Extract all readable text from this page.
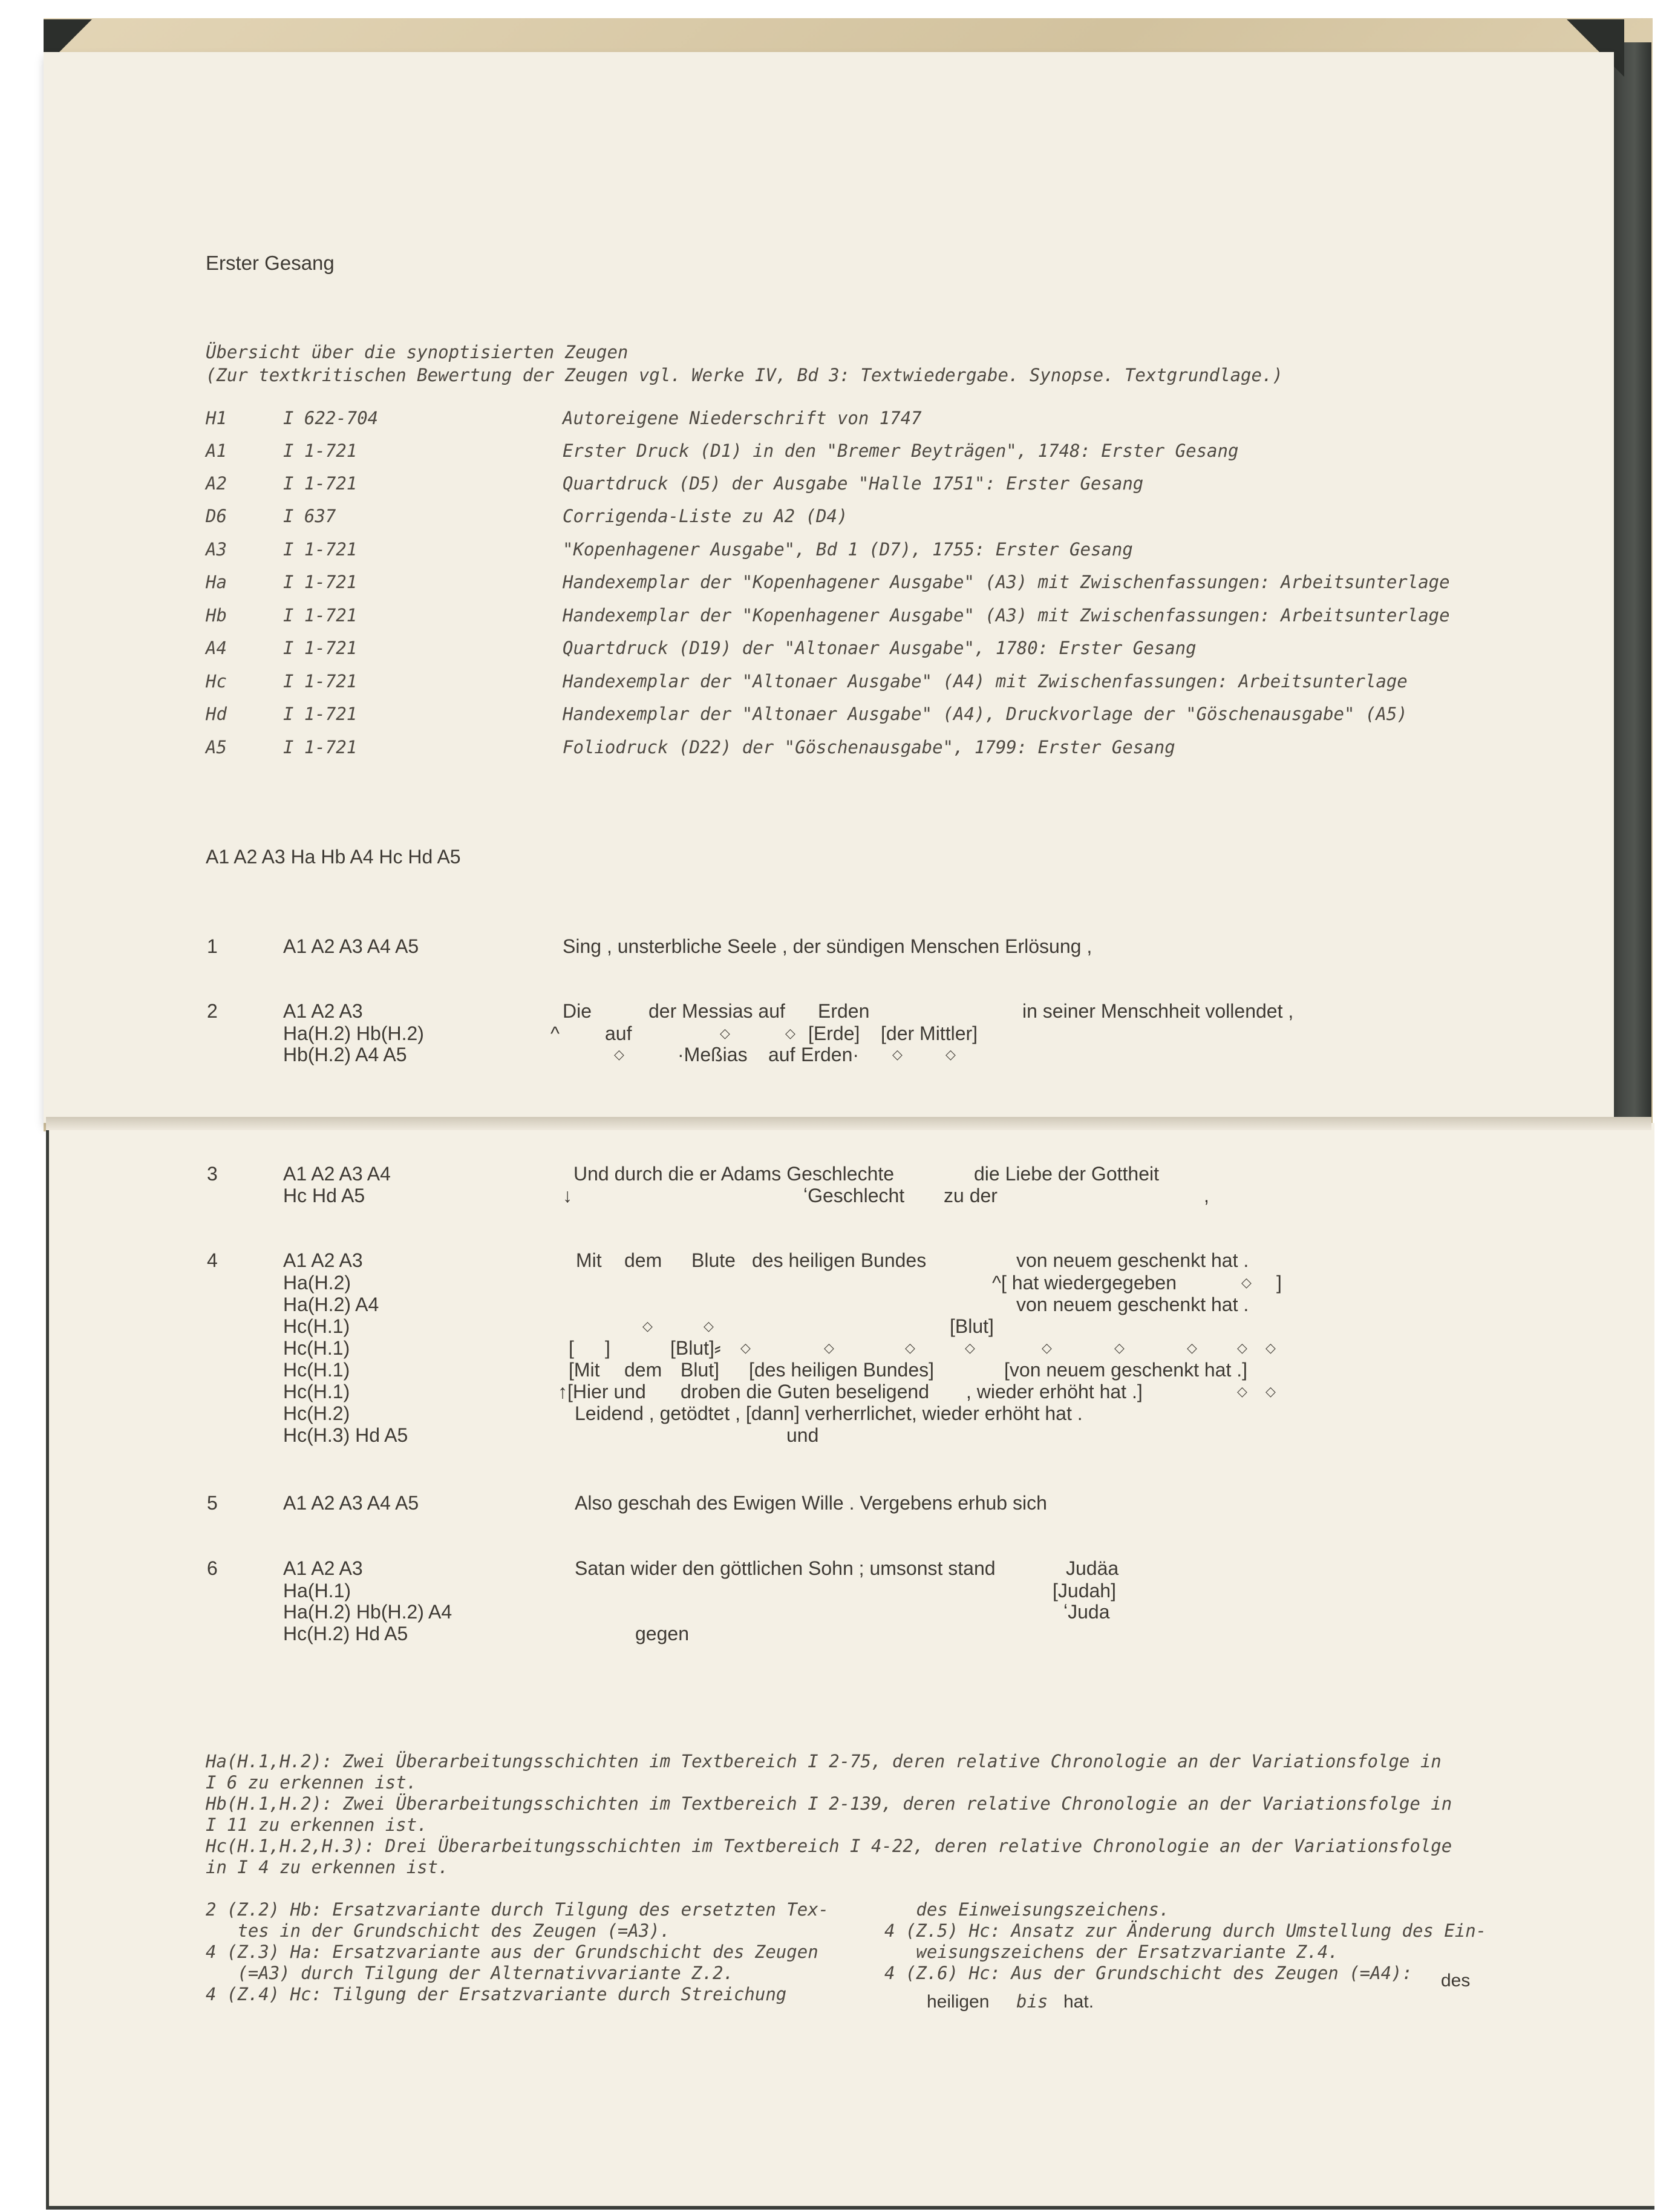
Erster Gesang
Übersicht über die synoptisierten Zeugen
(Zur textkritischen Bewertung der Zeugen vgl. Werke IV, Bd 3: Textwiedergabe. Synopse. Textgrundlage.)
H1	I 622-704	Autoreigene Niederschrift von 1747
A1	I 1-721	Erster Druck (D1) in den "Bremer Beyträgen", 1748: Erster Gesang
A2	I 1-721	Quartdruck (D5) der Ausgabe "Halle 1751": Erster Gesang
D6	I 637	Corrigenda-Liste zu A2 (D4)
A3	I 1-721	"Kopenhagener Ausgabe", Bd 1 (D7), 1755: Erster Gesang
Ha	I 1-721	Handexemplar der "Kopenhagener Ausgabe" (A3) mit Zwischenfassungen: Arbeitsunterlage
Hb	I 1-721	Handexemplar der "Kopenhagener Ausgabe" (A3) mit Zwischenfassungen: Arbeitsunterlage
A4	I 1-721	Quartdruck (D19) der "Altonaer Ausgabe", 1780: Erster Gesang
Hc	I 1-721	Handexemplar der "Altonaer Ausgabe" (A4) mit Zwischenfassungen: Arbeitsunterlage
Hd	I 1-721	Handexemplar der "Altonaer Ausgabe" (A4), Druckvorlage der "Göschenausgabe" (A5)
A5	I 1-721	Foliodruck (D22) der "Göschenausgabe", 1799: Erster Gesang
A1 A2 A3 Ha Hb A4 Hc Hd A5
1	A1 A2 A3 A4 A5	Sing , unsterbliche Seele , der sündigen Menschen Erlösung ,
2	A1 A2 A3	Die	der Messias auf Erden	in seiner Menschheit vollendet ,
Ha(H.2) Hb(H.2)	^ auf	◇	◇ [Erde] [der Mittler]
Hb(H.2) A4 A5	◇	·Meßias auf Erden· ◇	◇
3	A1 A2 A3 A4	Und durch die er Adams Geschlechte	die Liebe der Gottheit
Hc Hd A5	↓	ʻGeschlecht zu der	,
4	A1 A2 A3	Mit dem Blute des heiligen Bundes	von neuem geschenkt hat .
Ha(H.2)	^[ hat wiedergegeben	◇ ]
Ha(H.2) A4	von neuem geschenkt hat .
Hc(H.1)	◇	◇	[Blut]
Hc(H.1)	[ ]	[Blut]⸗ ◇	◇	◇	◇	◇	◇	◇	◇ ◇
Hc(H.1)	[Mit dem Blut] [des heiligen Bundes]	[von neuem geschenkt hat .]
Hc(H.1)	↑[Hier und droben die Guten beseligend , wieder erhöht hat .]	◇ ◇
Hc(H.2)	Leidend , getödtet , [dann] verherrlichet, wieder erhöht hat .
Hc(H.3) Hd A5	und
5	A1 A2 A3 A4 A5	Also geschah des Ewigen Wille . Vergebens erhub sich
6	A1 A2 A3	Satan wider den göttlichen Sohn ; umsonst stand	Judäa
Ha(H.1)	[Judah]
Ha(H.2) Hb(H.2) A4	ʻJuda
Hc(H.2) Hd A5	gegen
Ha(H.1,H.2): Zwei Überarbeitungsschichten im Textbereich I 2-75, deren relative Chronologie an der Variationsfolge in
I 6 zu erkennen ist.
Hb(H.1,H.2): Zwei Überarbeitungsschichten im Textbereich I 2-139, deren relative Chronologie an der Variationsfolge in
I 11 zu erkennen ist.
Hc(H.1,H.2,H.3): Drei Überarbeitungsschichten im Textbereich I 4-22, deren relative Chronologie an der Variationsfolge
in I 4 zu erkennen ist.
2 (Z.2) Hb: Ersatzvariante durch Tilgung des ersetzten Tex-
tes in der Grundschicht des Zeugen (=A3).
4 (Z.3) Ha: Ersatzvariante aus der Grundschicht des Zeugen
(=A3) durch Tilgung der Alternativvariante Z.2.
4 (Z.4) Hc: Tilgung der Ersatzvariante durch Streichung
des Einweisungszeichens.
4 (Z.5) Hc: Ansatz zur Änderung durch Umstellung des Ein-
weisungszeichens der Ersatzvariante Z.4.
4 (Z.6) Hc: Aus der Grundschicht des Zeugen (=A4): des
heiligen bis hat.
